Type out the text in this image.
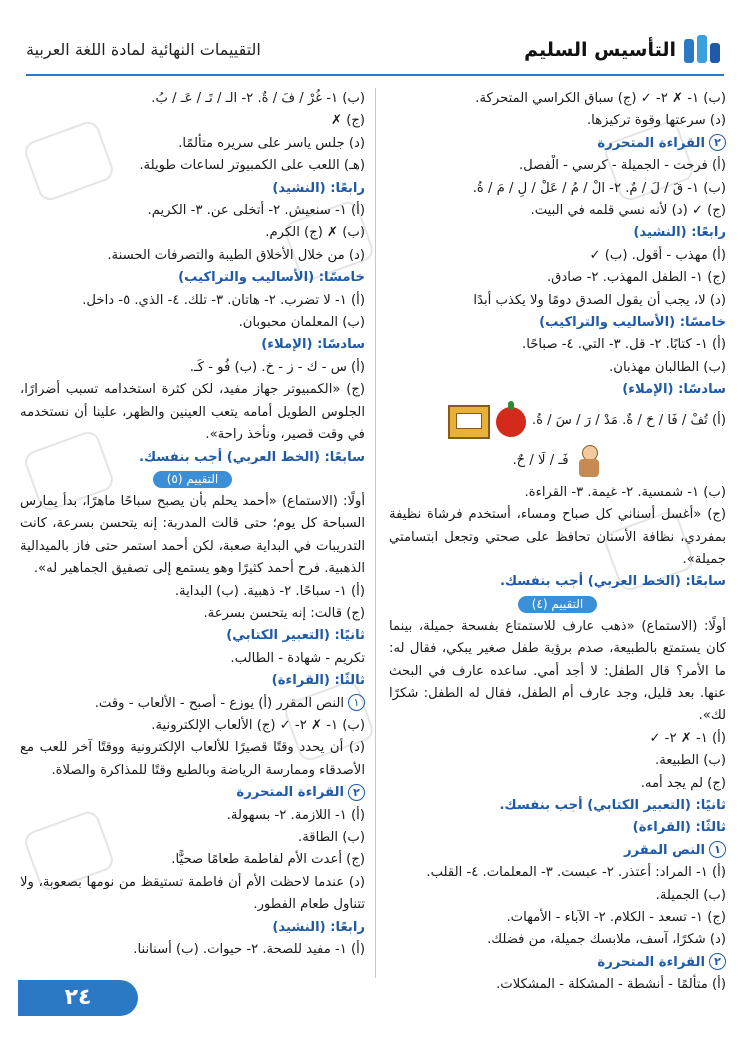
التقييمات النهائية لمادة اللغة العربية	التأسيس السليم
(ب) ١- ✗ ٢- ✓ (ج) سباق الكراسي المتحركة.
(د) سرعتها وقوة تركيزها.
٢القراءة المتحررة
(أ) فرحت - الجميلة - كرسي - الْفصل.
(ب) ١- قَ / لَ / مٌ. ٢- الْ / مُ / عَلْ / لِ / مَ / ةُ.
(ج) ✓ (د) لأنه نسي قلمه في البيت.
رابعًا: (النشيد)
(أ) مهذب - أقول. (ب) ✓
(ج) ١- الطفل المهذب. ٢- صادق.
(د) لا، يجب أن يقول الصدق دومًا ولا يكذب أبدًا
خامسًا: (الأساليب والتراكيب)
(أ) ١- كتابًا. ٢- قل. ٣- التي. ٤- صباحًا.
(ب) الطالبان مهذبان.
سادسًا: (الإملاء)
(أ) تُفْ / فَا / حَ / ةٌ. مَدْ / رَ / سَ / ةُ.
فَـ / لَا / حٌ.
(ب) ١- شمسية. ٢- غيمة. ٣- القراءة.
(ج) «أغسل أسناني كل صباح ومساء، أستخدم فرشاة نظيفة بمفردي، نظافة الأسنان تحافظ على صحتي وتجعل ابتسامتي جميلة».
سابعًا: (الخط العربي) أجب بنفسك.
التقييم (٤)
أولًا: (الاستماع) «ذهب عارف للاستمتاع بفسحة جميلة، بينما كان يستمتع بالطبيعة، صدم برؤية طفل صغير يبكي، فقال له: ما الأمر؟ قال الطفل: لا أجد أمي. ساعده عارف في البحث عنها. بعد قليل، وجد عارف أم الطفل، فقال له الطفل: شكرًا لك».
(أ) ١- ✗ ٢- ✓
(ب) الطبيعة.
(ج) لم يجد أمه.
ثانيًا: (التعبير الكتابي) أجب بنفسك.
ثالثًا: (القراءة)
١النص المقرر
(أ) ١- المراد: أعتذر. ٢- عبست. ٣- المعلمات. ٤- القلب.
(ب) الجميلة.
(ج) ١- تسعد - الكلام. ٢- الآباء - الأمهات.
(د) شكرًا، آسف، ملابسك جميلة، من فضلك.
٢القراءة المتحررة
(أ) متألمًا - أنشطة - المشكلة - المشكلات.
(ب) ١- غُرْ / فَ / ةٌ. ٢- الـ / تَـ / عَـ / بُ.
(ج) ✗
(د) جلس ياسر على سريره متألمًا.
(هـ) اللعب على الكمبيوتر لساعات طويلة.
رابعًا: (النشيد)
(أ) ١- سنعيش. ٢- أتخلى عن. ٣- الكريم.
(ب) ✗ (ج) الكرم.
(د) من خلال الأخلاق الطيبة والتصرفات الحسنة.
خامسًا: (الأساليب والتراكيب)
(أ) ١- لا تضرب. ٢- هاتان. ٣- تلك. ٤- الذي. ٥- داخل.
(ب) المعلمان محبوبان.
سادسًا: (الإملاء)
(أ) س - ك - ز - خ. (ب) فُو - كَـ.
(ج) «الكمبيوتر جهاز مفيد، لكن كثرة استخدامه تسبب أضرارًا، الجلوس الطويل أمامه يتعب العينين والظهر، علينا أن نستخدمه في وقت قصير، ونأخذ راحة».
سابعًا: (الخط العربي) أجب بنفسك.
التقييم (٥)
أولًا: (الاستماع) «أحمد يحلم بأن يصبح سباحًا ماهرًا، بدأ يمارس السباحة كل يوم؛ حتى قالت المدربة: إنه يتحسن بسرعة، كانت التدريبات في البداية صعبة، لكن أحمد استمر حتى فاز بالميدالية الذهبية. فرح أحمد كثيرًا وهو يستمع إلى تصفيق الجماهير له».
(أ) ١- سباحًا. ٢- ذهبية. (ب) البداية.
(ج) قالت: إنه يتحسن بسرعة.
ثانيًا: (التعبير الكتابي)
تكريم - شهادة - الطالب.
ثالثًا: (القراءة)
١النص المقرر (أ) يوزع - أصبح - الألعاب - وقت.
(ب) ١- ✗ ٢- ✓ (ج) الألعاب الإلكترونية.
(د) أن يحدد وقتًا قصيرًا للألعاب الإلكترونية ووقتًا آخر للعب مع الأصدقاء وممارسة الرياضة وبالطبع وقتًا للمذاكرة والصلاة.
٢القراءة المتحررة
(أ) ١- اللازمة. ٢- بسهولة.
(ب) الطاقة.
(ج) أعدت الأم لفاطمة طعامًا صحيًّا.
(د) عندما لاحظت الأم أن فاطمة تستيقظ من نومها بصعوبة، ولا تتناول طعام الفطور.
رابعًا: (النشيد)
(أ) ١- مفيد للصحة. ٢- حيوات. (ب) أسناننا.
٢٤
